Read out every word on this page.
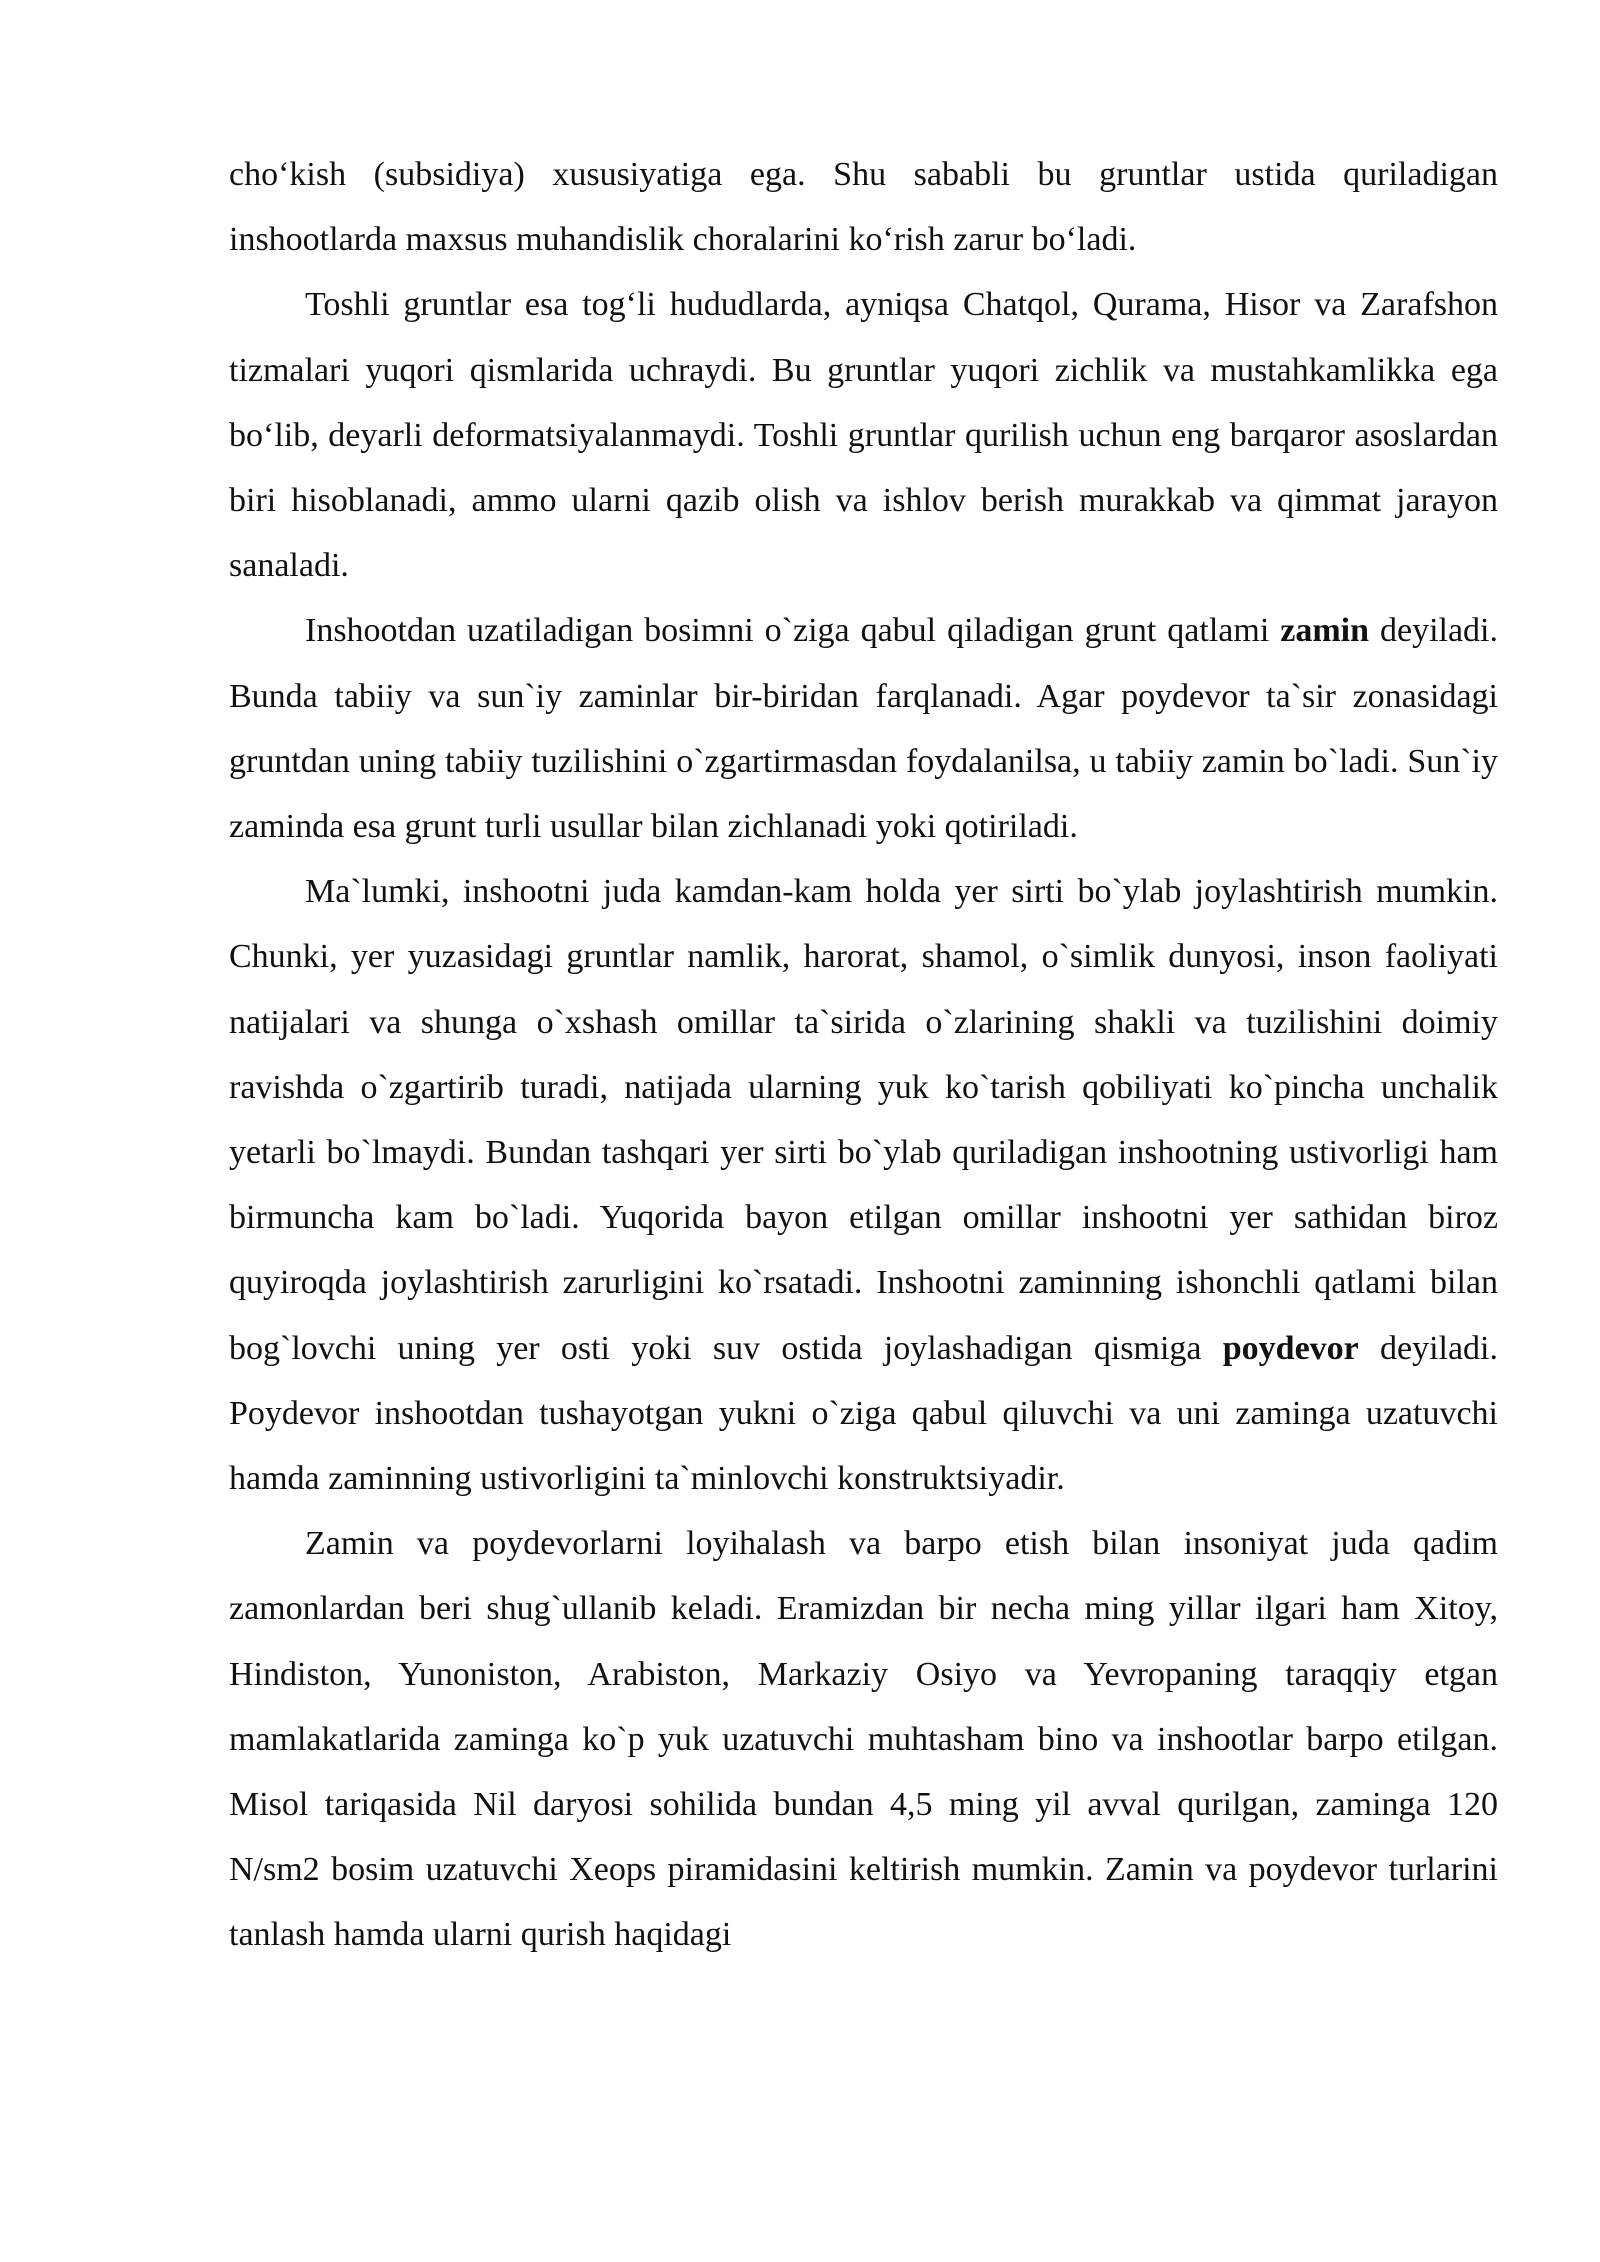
cho‘kish (subsidiya) xususiyatiga ega. Shu sababli bu gruntlar ustida quriladigan inshootlarda maxsus muhandislik choralarini ko‘rish zarur bo‘ladi.

Toshli gruntlar esa tog‘li hududlarda, ayniqsa Chatqol, Qurama, Hisor va Zarafshon tizmalari yuqori qismlarida uchraydi. Bu gruntlar yuqori zichlik va mustahkamlikka ega bo‘lib, deyarli deformatsiyalanmaydi. Toshli gruntlar qurilish uchun eng barqaror asoslardan biri hisoblanadi, ammo ularni qazib olish va ishlov berish murakkab va qimmat jarayon sanaladi.

Inshootdan uzatiladigan bosimni o`ziga qabul qiladigan grunt qatlami zamin deyiladi. Bunda tabiiy va sun`iy zaminlar bir-biridan farqlanadi. Agar poydevor ta`sir zonasidagi gruntdan uning tabiiy tuzilishini o`zgartirmasdan foydalanilsa, u tabiiy zamin bo`ladi. Sun`iy zaminda esa grunt turli usullar bilan zichlanadi yoki qotiriladi.

Ma`lumki, inshootni juda kamdan-kam holda yer sirti bo`ylab joylashtirish mumkin. Chunki, yer yuzasidagi gruntlar namlik, harorat, shamol, o`simlik dunyosi, inson faoliyati natijalari va shunga o`xshash omillar ta`sirida o`zlarining shakli va tuzilishini doimiy ravishda o`zgartirib turadi, natijada ularning yuk ko`tarish qobiliyati ko`pincha unchalik yetarli bo`lmaydi. Bundan tashqari yer sirti bo`ylab quriladigan inshootning ustivorligi ham birmuncha kam bo`ladi. Yuqorida bayon etilgan omillar inshootni yer sathidan biroz quyiroqda joylashtirish zarurligini ko`rsatadi. Inshootni zaminning ishonchli qatlami bilan bog`lovchi uning yer osti yoki suv ostida joylashadigan qismiga poydevor deyiladi. Poydevor inshootdan tushayotgan yukni o`ziga qabul qiluvchi va uni zaminga uzatuvchi hamda zaminning ustivorligini ta`minlovchi konstruktsiyadir.

Zamin va poydevorlarni loyihalash va barpo etish bilan insoniyat juda qadim zamonlardan beri shug`ullanib keladi. Eramizdan bir necha ming yillar ilgari ham Xitoy, Hindiston, Yunoniston, Arabiston, Markaziy Osiyo va Yevropaning taraqqiy etgan mamlakatlarida zaminga ko`p yuk uzatuvchi muhtasham bino va inshootlar barpo etilgan. Misol tariqasida Nil daryosi sohilida bundan 4,5 ming yil avval qurilgan, zaminga 120 N/sm2 bosim uzatuvchi Xeops piramidasini keltirish mumkin. Zamin va poydevor turlarini tanlash hamda ularni qurish haqidagi
